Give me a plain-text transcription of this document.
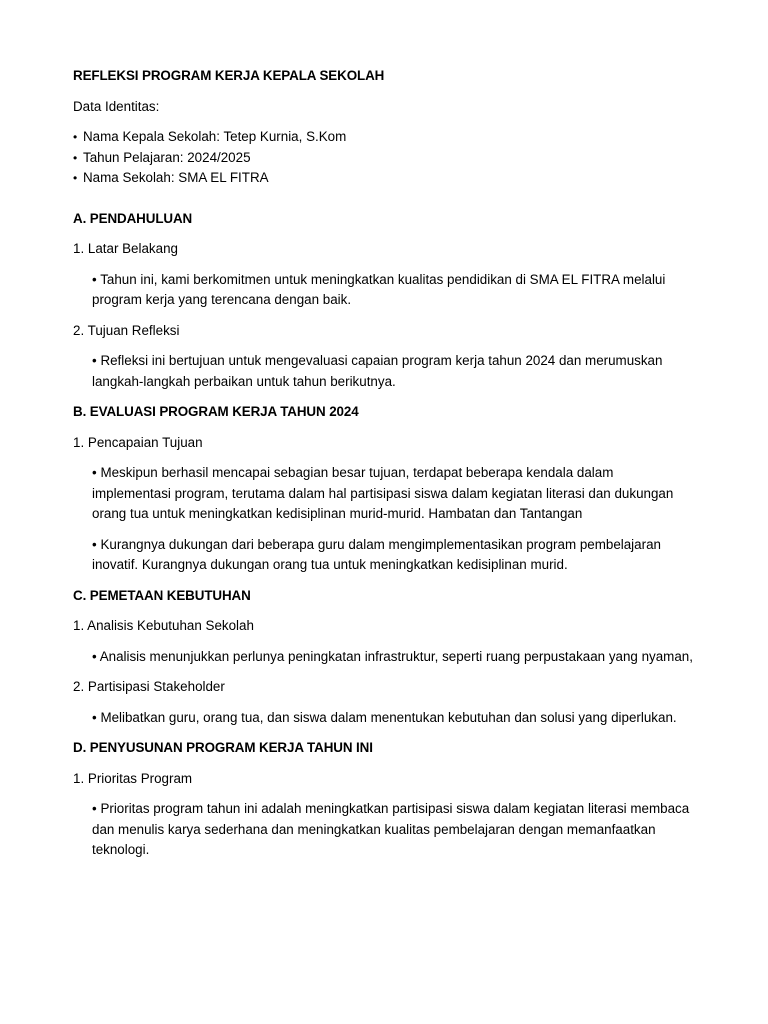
REFLEKSI PROGRAM KERJA KEPALA SEKOLAH
Data Identitas:
• Nama Kepala Sekolah: Tetep Kurnia, S.Kom
• Tahun Pelajaran: 2024/2025
• Nama Sekolah: SMA EL FITRA
A. PENDAHULUAN
1. Latar Belakang
• Tahun ini, kami berkomitmen untuk meningkatkan kualitas pendidikan di SMA EL FITRA melalui program kerja yang terencana dengan baik.
2. Tujuan Refleksi
• Refleksi ini bertujuan untuk mengevaluasi capaian program kerja tahun 2024 dan merumuskan langkah-langkah perbaikan untuk tahun berikutnya.
B. EVALUASI PROGRAM KERJA TAHUN 2024
1. Pencapaian Tujuan
• Meskipun berhasil mencapai sebagian besar tujuan, terdapat beberapa kendala dalam implementasi program, terutama dalam hal partisipasi siswa dalam kegiatan literasi dan dukungan orang tua untuk meningkatkan kedisiplinan murid-murid. Hambatan dan Tantangan
• Kurangnya dukungan dari beberapa guru dalam mengimplementasikan program pembelajaran inovatif. Kurangnya dukungan orang tua untuk meningkatkan kedisiplinan murid.
C. PEMETAAN KEBUTUHAN
1. Analisis Kebutuhan Sekolah
• Analisis menunjukkan perlunya peningkatan infrastruktur, seperti ruang perpustakaan yang nyaman,
2. Partisipasi Stakeholder
• Melibatkan guru, orang tua, dan siswa dalam menentukan kebutuhan dan solusi yang diperlukan.
D. PENYUSUNAN PROGRAM KERJA TAHUN INI
1. Prioritas Program
• Prioritas program tahun ini adalah meningkatkan partisipasi siswa dalam kegiatan literasi membaca dan menulis karya sederhana dan meningkatkan kualitas pembelajaran dengan memanfaatkan teknologi.
